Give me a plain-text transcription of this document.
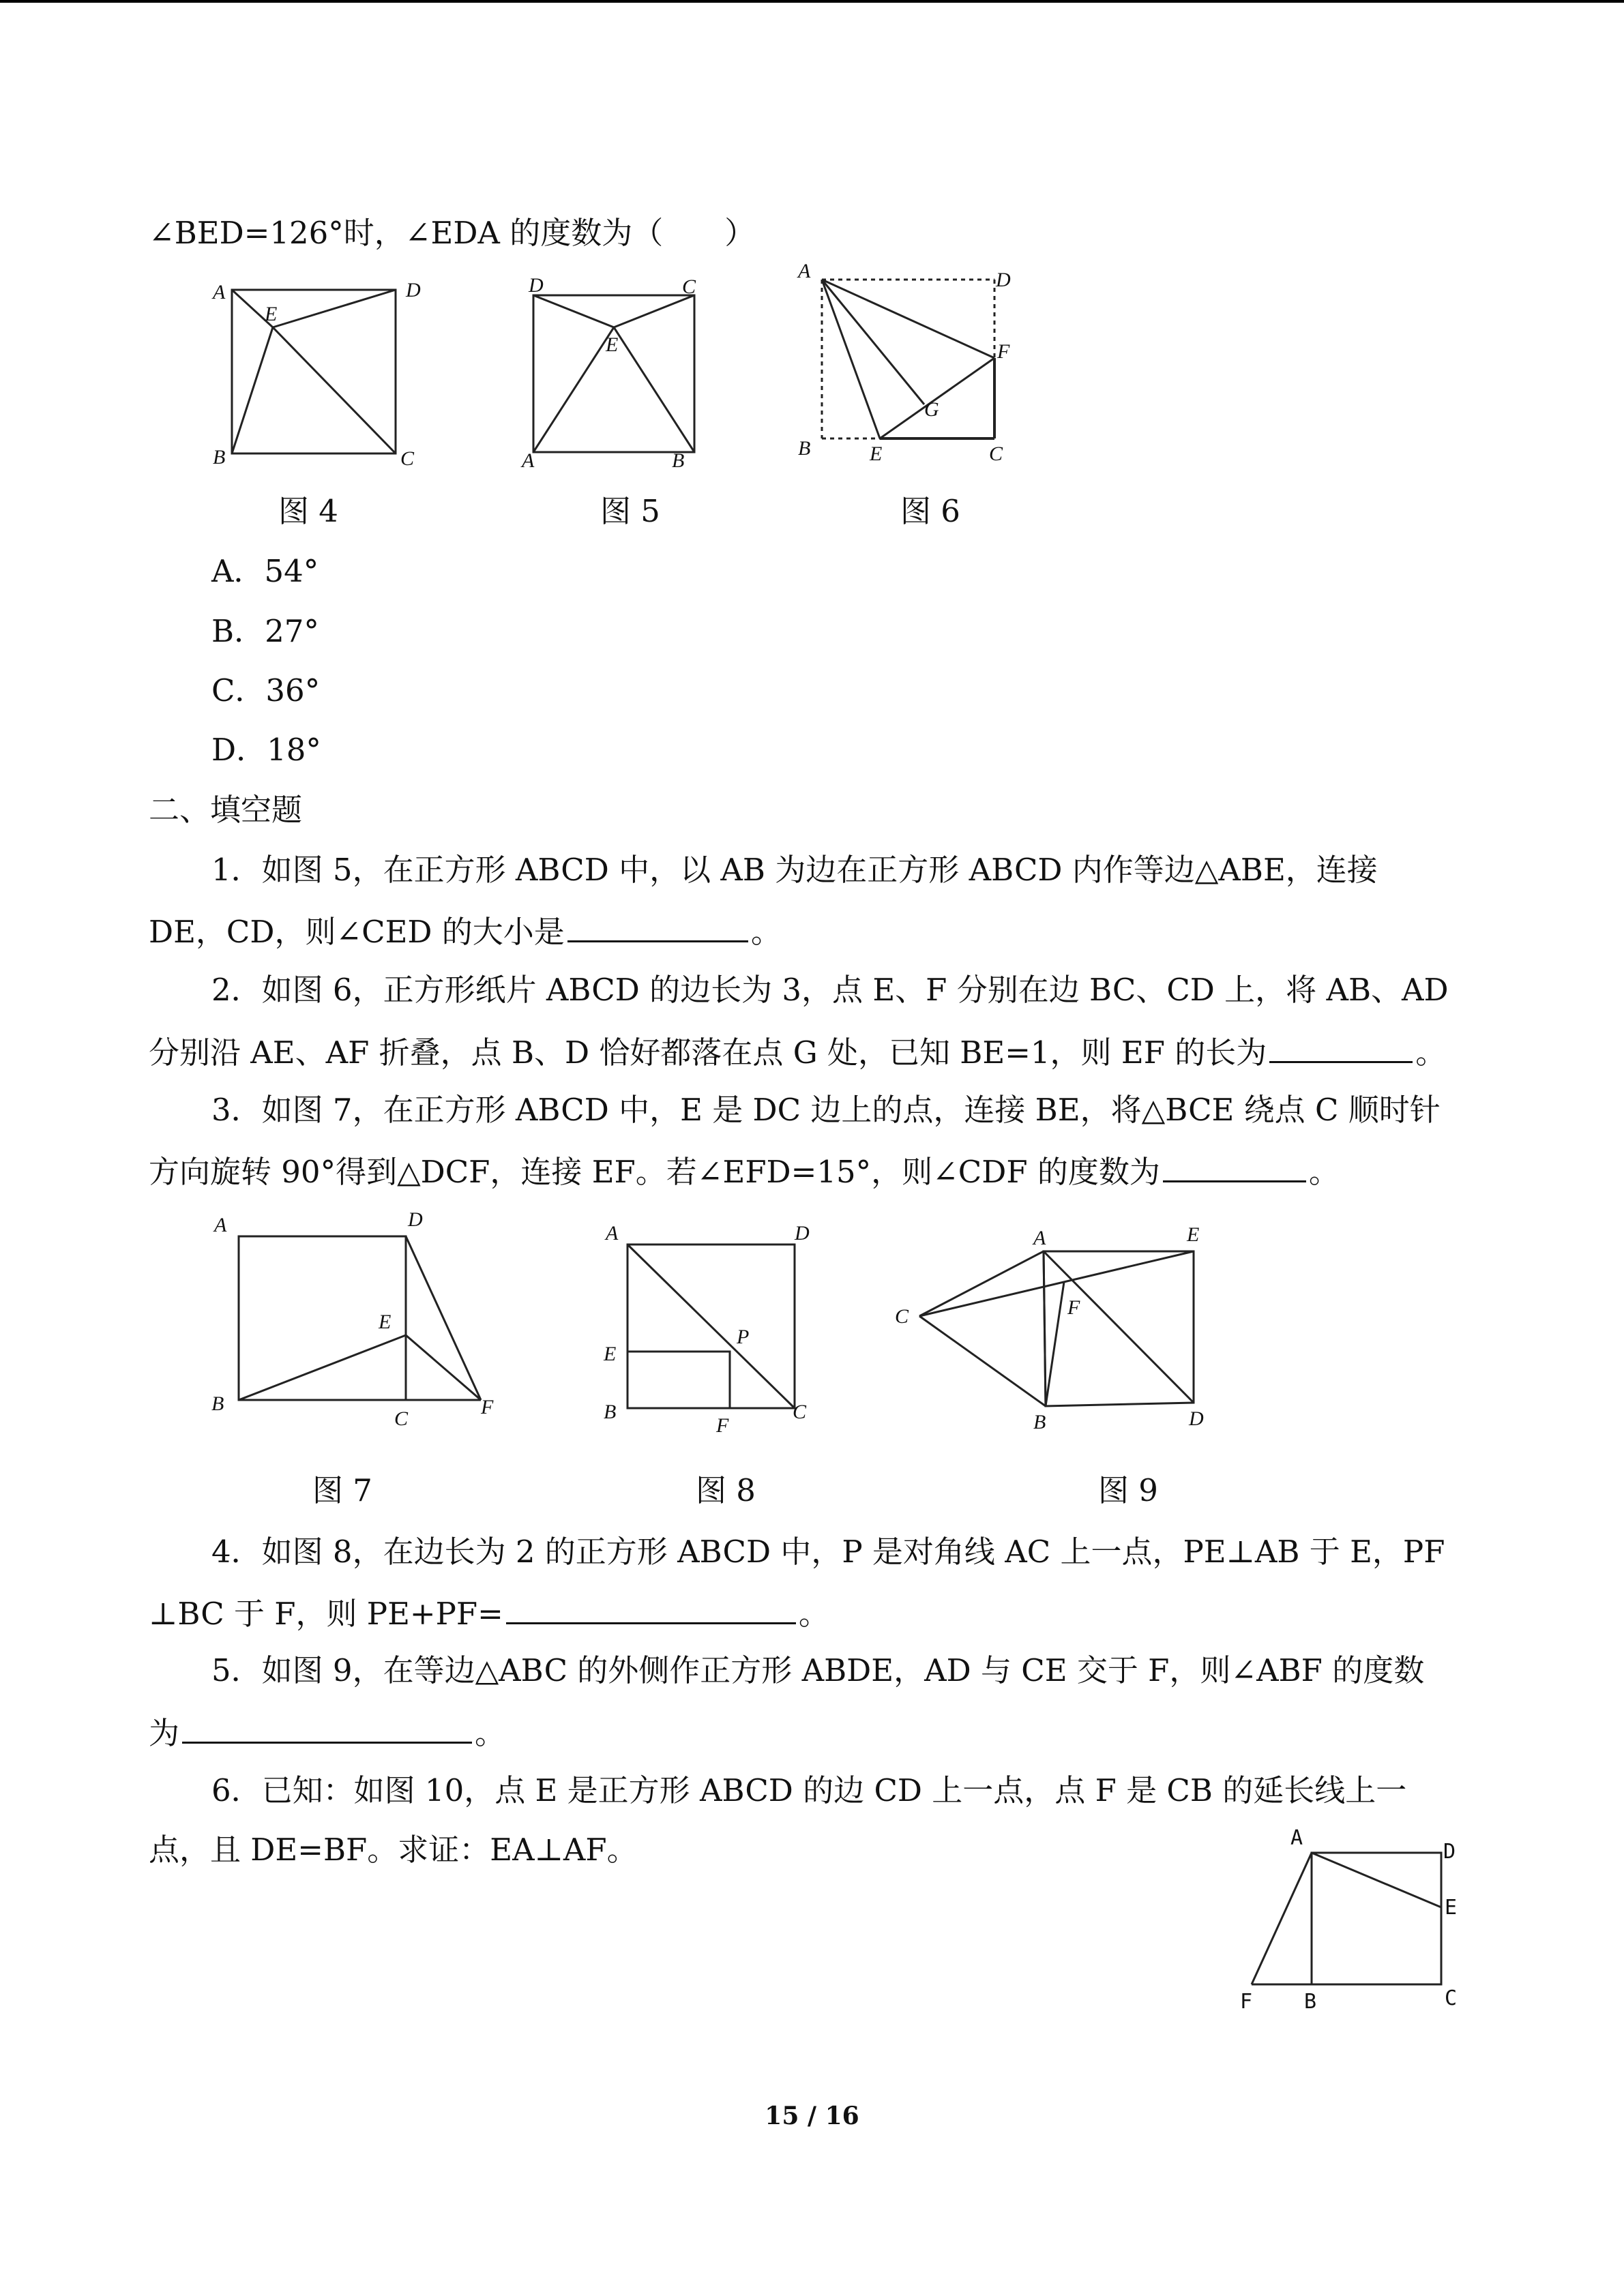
∠BED=126°时，∠EDA 的度数为（　　）
A	D
E
B	C
D	C
E
A	B
A	D
F
G
B	E	C
图 4	图 5	图 6
A．54°
B．27°
C．36°
D．18°
二、填空题
1．如图 5，在正方形 ABCD 中，以 AB 为边在正方形 ABCD 内作等边△ABE，连接
DE，CD，则∠CED 的大小是	。
2．如图 6，正方形纸片 ABCD 的边长为 3，点 E、F 分别在边 BC、CD 上，将 AB、AD
分别沿 AE、AF 折叠，点 B、D 恰好都落在点 G 处，已知 BE=1，则 EF 的长为	。
3．如图 7，在正方形 ABCD 中，E 是 DC 边上的点，连接 BE，将△BCE 绕点 C 顺时针
方向旋转 90°得到△DCF，连接 EF。若∠EFD=15°，则∠CDF 的度数为	。
A	D
E
B
C
F
A	D
P
E
B
F
C
A	E
C	F
B	D
图 7	图 8	图 9
4．如图 8，在边长为 2 的正方形 ABCD 中，P 是对角线 AC 上一点，PE⊥AB 于 E，PF
⊥BC 于 F，则 PE+PF=	。
5．如图 9，在等边△ABC 的外侧作正方形 ABDE，AD 与 CE 交于 F，则∠ABF 的度数
为	。
6．已知：如图 10，点 E 是正方形 ABCD 的边 CD 上一点，点 F 是 CB 的延长线上一
点，且 DE=BF。求证：EA⊥AF。	A
D
E
F	B	C
15 / 16
